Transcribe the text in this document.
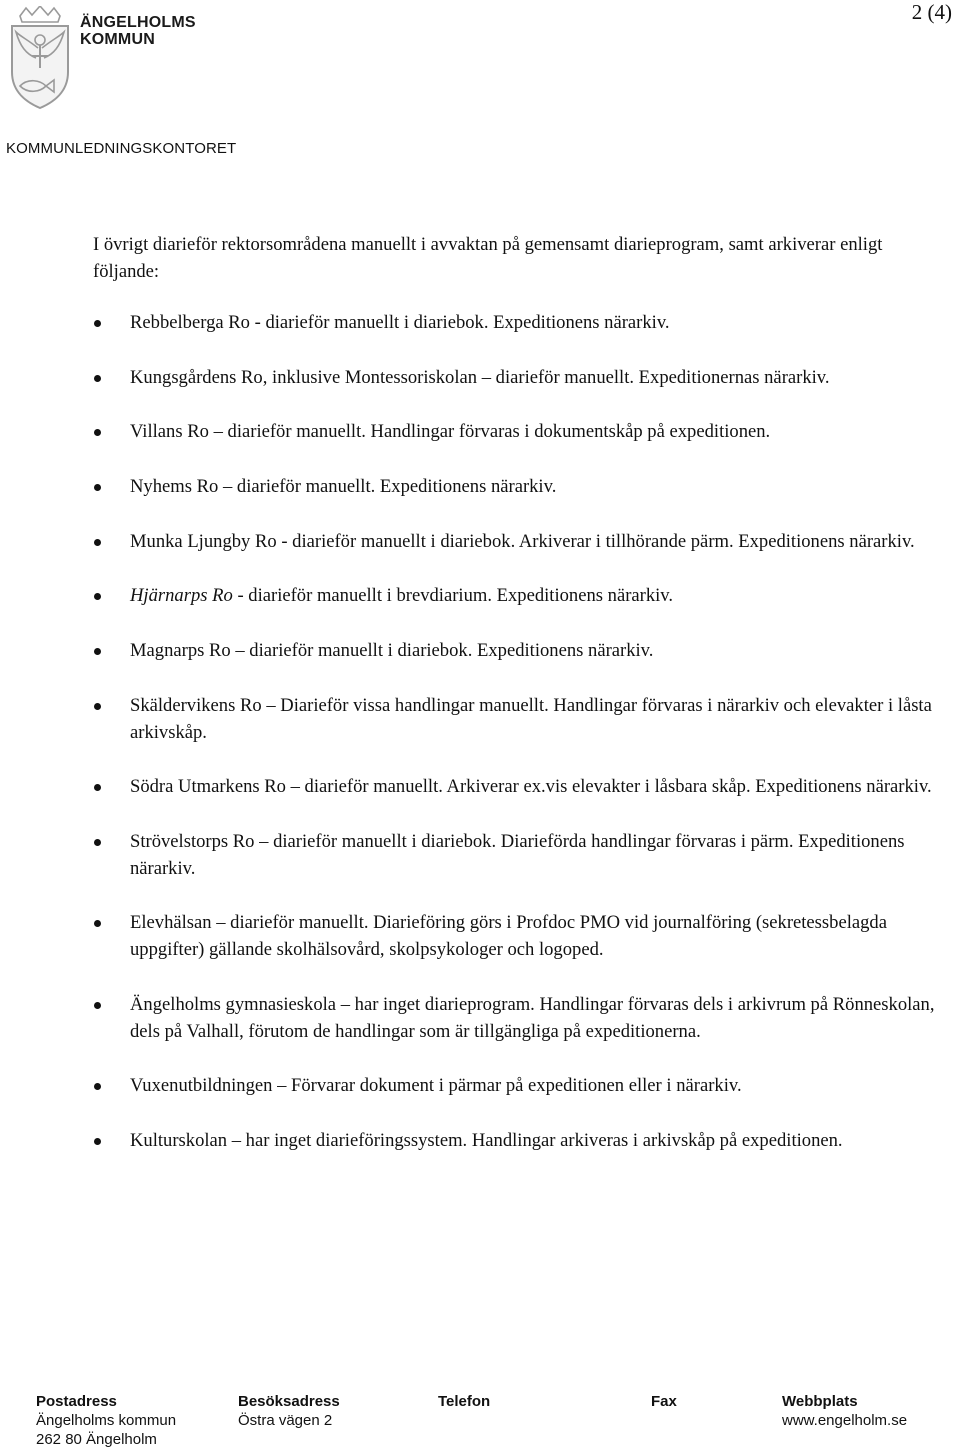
2 (4)
ÄNGELHOLMS
KOMMUN
KOMMUNLEDNINGSKONTORET

I övrigt diarieför rektorsområdena manuellt i avvaktan på gemensamt diarieprogram, samt arkiverar enligt följande:

Rebbelberga Ro - diarieför manuellt i diariebok. Expeditionens närarkiv.
Kungsgårdens Ro, inklusive Montessoriskolan – diarieför manuellt. Expeditionernas närarkiv.
Villans Ro – diarieför manuellt. Handlingar förvaras i dokumentskåp på expeditionen.
Nyhems Ro – diarieför manuellt. Expeditionens närarkiv.
Munka Ljungby Ro - diarieför manuellt i diariebok. Arkiverar i tillhörande pärm. Expeditionens närarkiv.
Hjärnarps Ro - diarieför manuellt i brevdiarium. Expeditionens närarkiv.
Magnarps Ro – diarieför manuellt i diariebok. Expeditionens närarkiv.
Skäldervikens Ro – Diarieför vissa handlingar manuellt. Handlingar förvaras i närarkiv och elevakter i låsta arkivskåp.
Södra Utmarkens Ro – diarieför manuellt. Arkiverar ex.vis elevakter i låsbara skåp. Expeditionens närarkiv.
Strövelstorps Ro – diarieför manuellt i diariebok. Diarieförda handlingar förvaras i pärm. Expeditionens närarkiv.
Elevhälsan – diarieför manuellt. Diarieföring görs i Profdoc PMO vid journalföring (sekretessbelagda uppgifter) gällande skolhälsovård, skolpsykologer och logoped.
Ängelholms gymnasieskola – har inget diarieprogram. Handlingar förvaras dels i arkivrum på Rönneskolan, dels på Valhall, förutom de handlingar som är tillgängliga på expeditionerna.
Vuxenutbildningen – Förvarar dokument i pärmar på expeditionen eller i närarkiv.
Kulturskolan – har inget diarieföringssystem. Handlingar arkiveras i arkivskåp på expeditionen.
Postadress
Ängelholms kommun
262 80 Ängelholm
Besöksadress
Östra vägen 2
Telefon	Fax	Webbplats
www.engelholm.se
